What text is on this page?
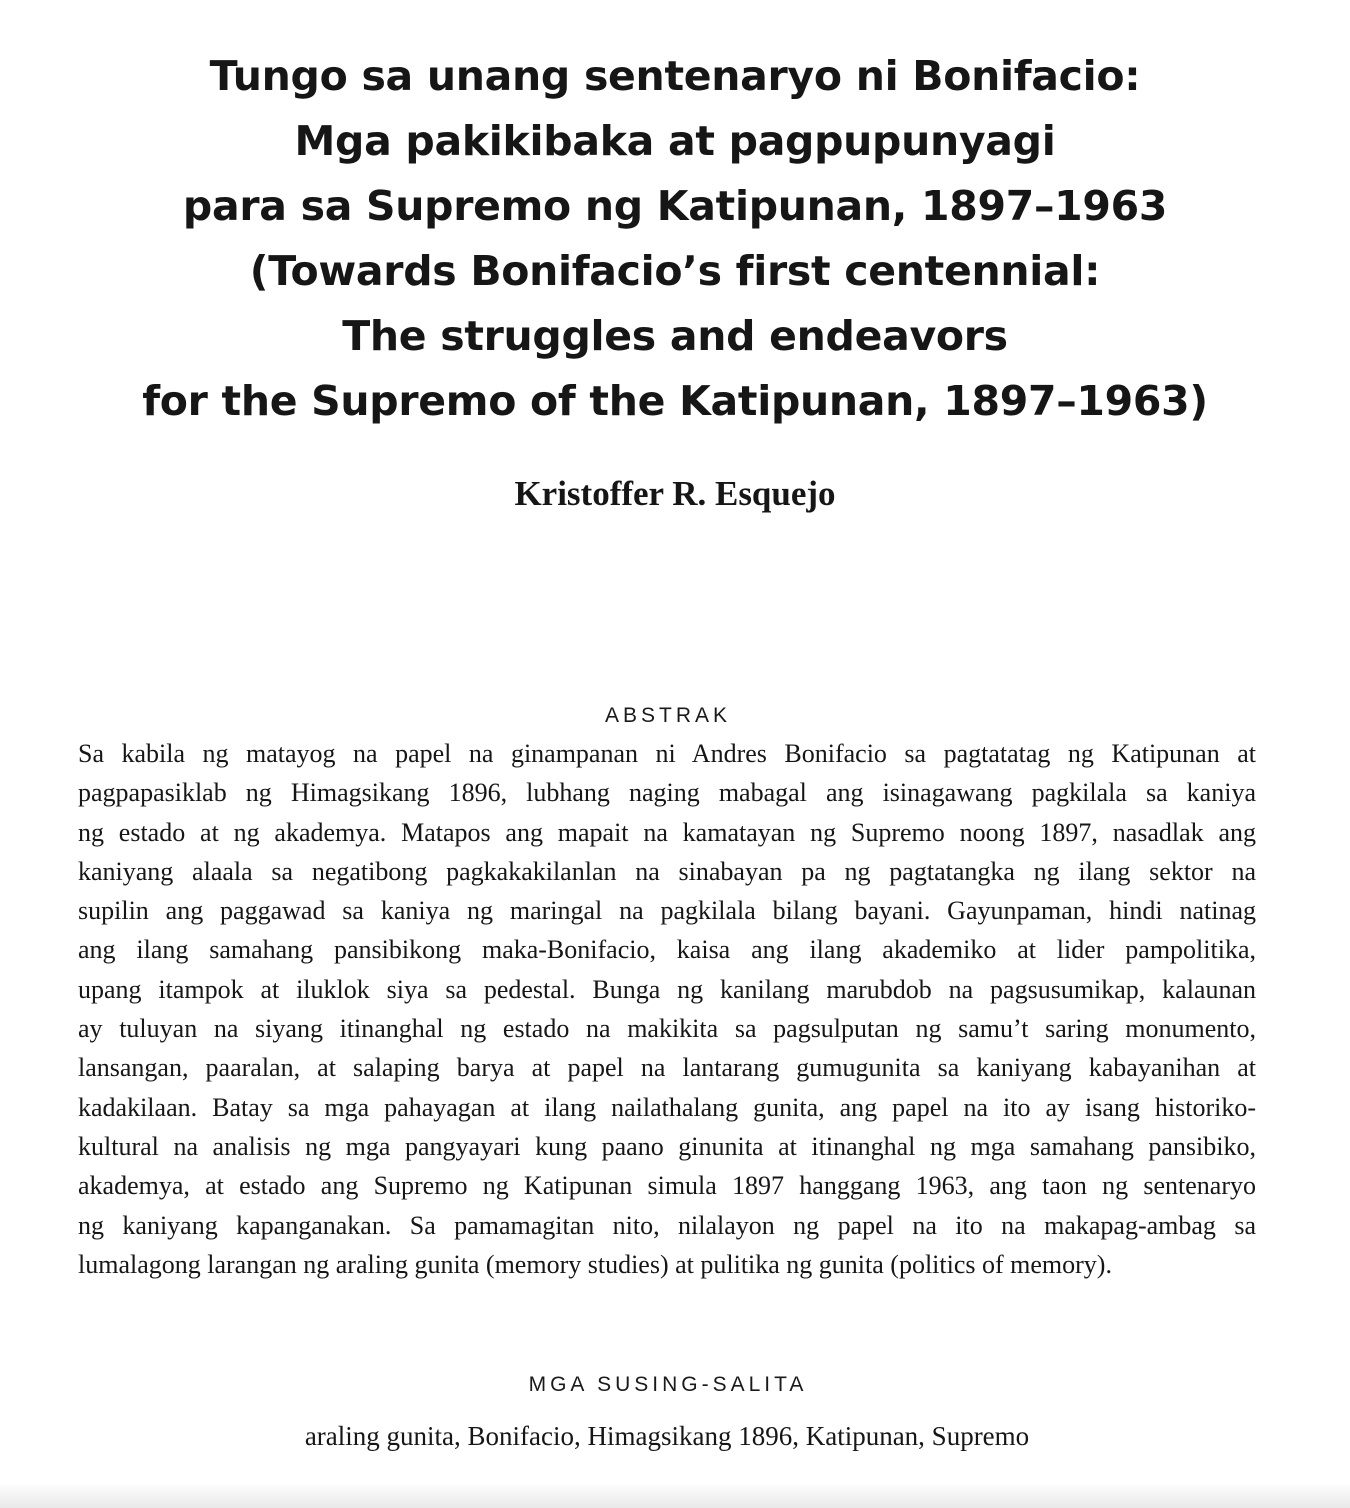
Tungo sa unang sentenaryo ni Bonifacio:
Mga pakikibaka at pagpupunyagi
para sa Supremo ng Katipunan, 1897–1963
(Towards Bonifacio’s first centennial:
The struggles and endeavors
for the Supremo of the Katipunan, 1897–1963)
Kristoffer R. Esquejo
ABSTRAK
Sa kabila ng matayog na papel na ginampanan ni Andres Bonifacio sa pagtatatag ng Katipunan at
pagpapasiklab ng Himagsikang 1896, lubhang naging mabagal ang isinagawang pagkilala sa kaniya
ng estado at ng akademya. Matapos ang mapait na kamatayan ng Supremo noong 1897, nasadlak ang
kaniyang alaala sa negatibong pagkakakilanlan na sinabayan pa ng pagtatangka ng ilang sektor na
supilin ang paggawad sa kaniya ng maringal na pagkilala bilang bayani. Gayunpaman, hindi natinag
ang ilang samahang pansibikong maka-Bonifacio, kaisa ang ilang akademiko at lider pampolitika,
upang itampok at iluklok siya sa pedestal. Bunga ng kanilang marubdob na pagsusumikap, kalaunan
ay tuluyan na siyang itinanghal ng estado na makikita sa pagsulputan ng samu’t saring monumento,
lansangan, paaralan, at salaping barya at papel na lantarang gumugunita sa kaniyang kabayanihan at
kadakilaan. Batay sa mga pahayagan at ilang nailathalang gunita, ang papel na ito ay isang historiko-
kultural na analisis ng mga pangyayari kung paano ginunita at itinanghal ng mga samahang pansibiko,
akademya, at estado ang Supremo ng Katipunan simula 1897 hanggang 1963, ang taon ng sentenaryo
ng kaniyang kapanganakan. Sa pamamagitan nito, nilalayon ng papel na ito na makapag-ambag sa
lumalagong larangan ng araling gunita (memory studies) at pulitika ng gunita (politics of memory).
MGA SUSING-SALITA
araling gunita, Bonifacio, Himagsikang 1896, Katipunan, Supremo
